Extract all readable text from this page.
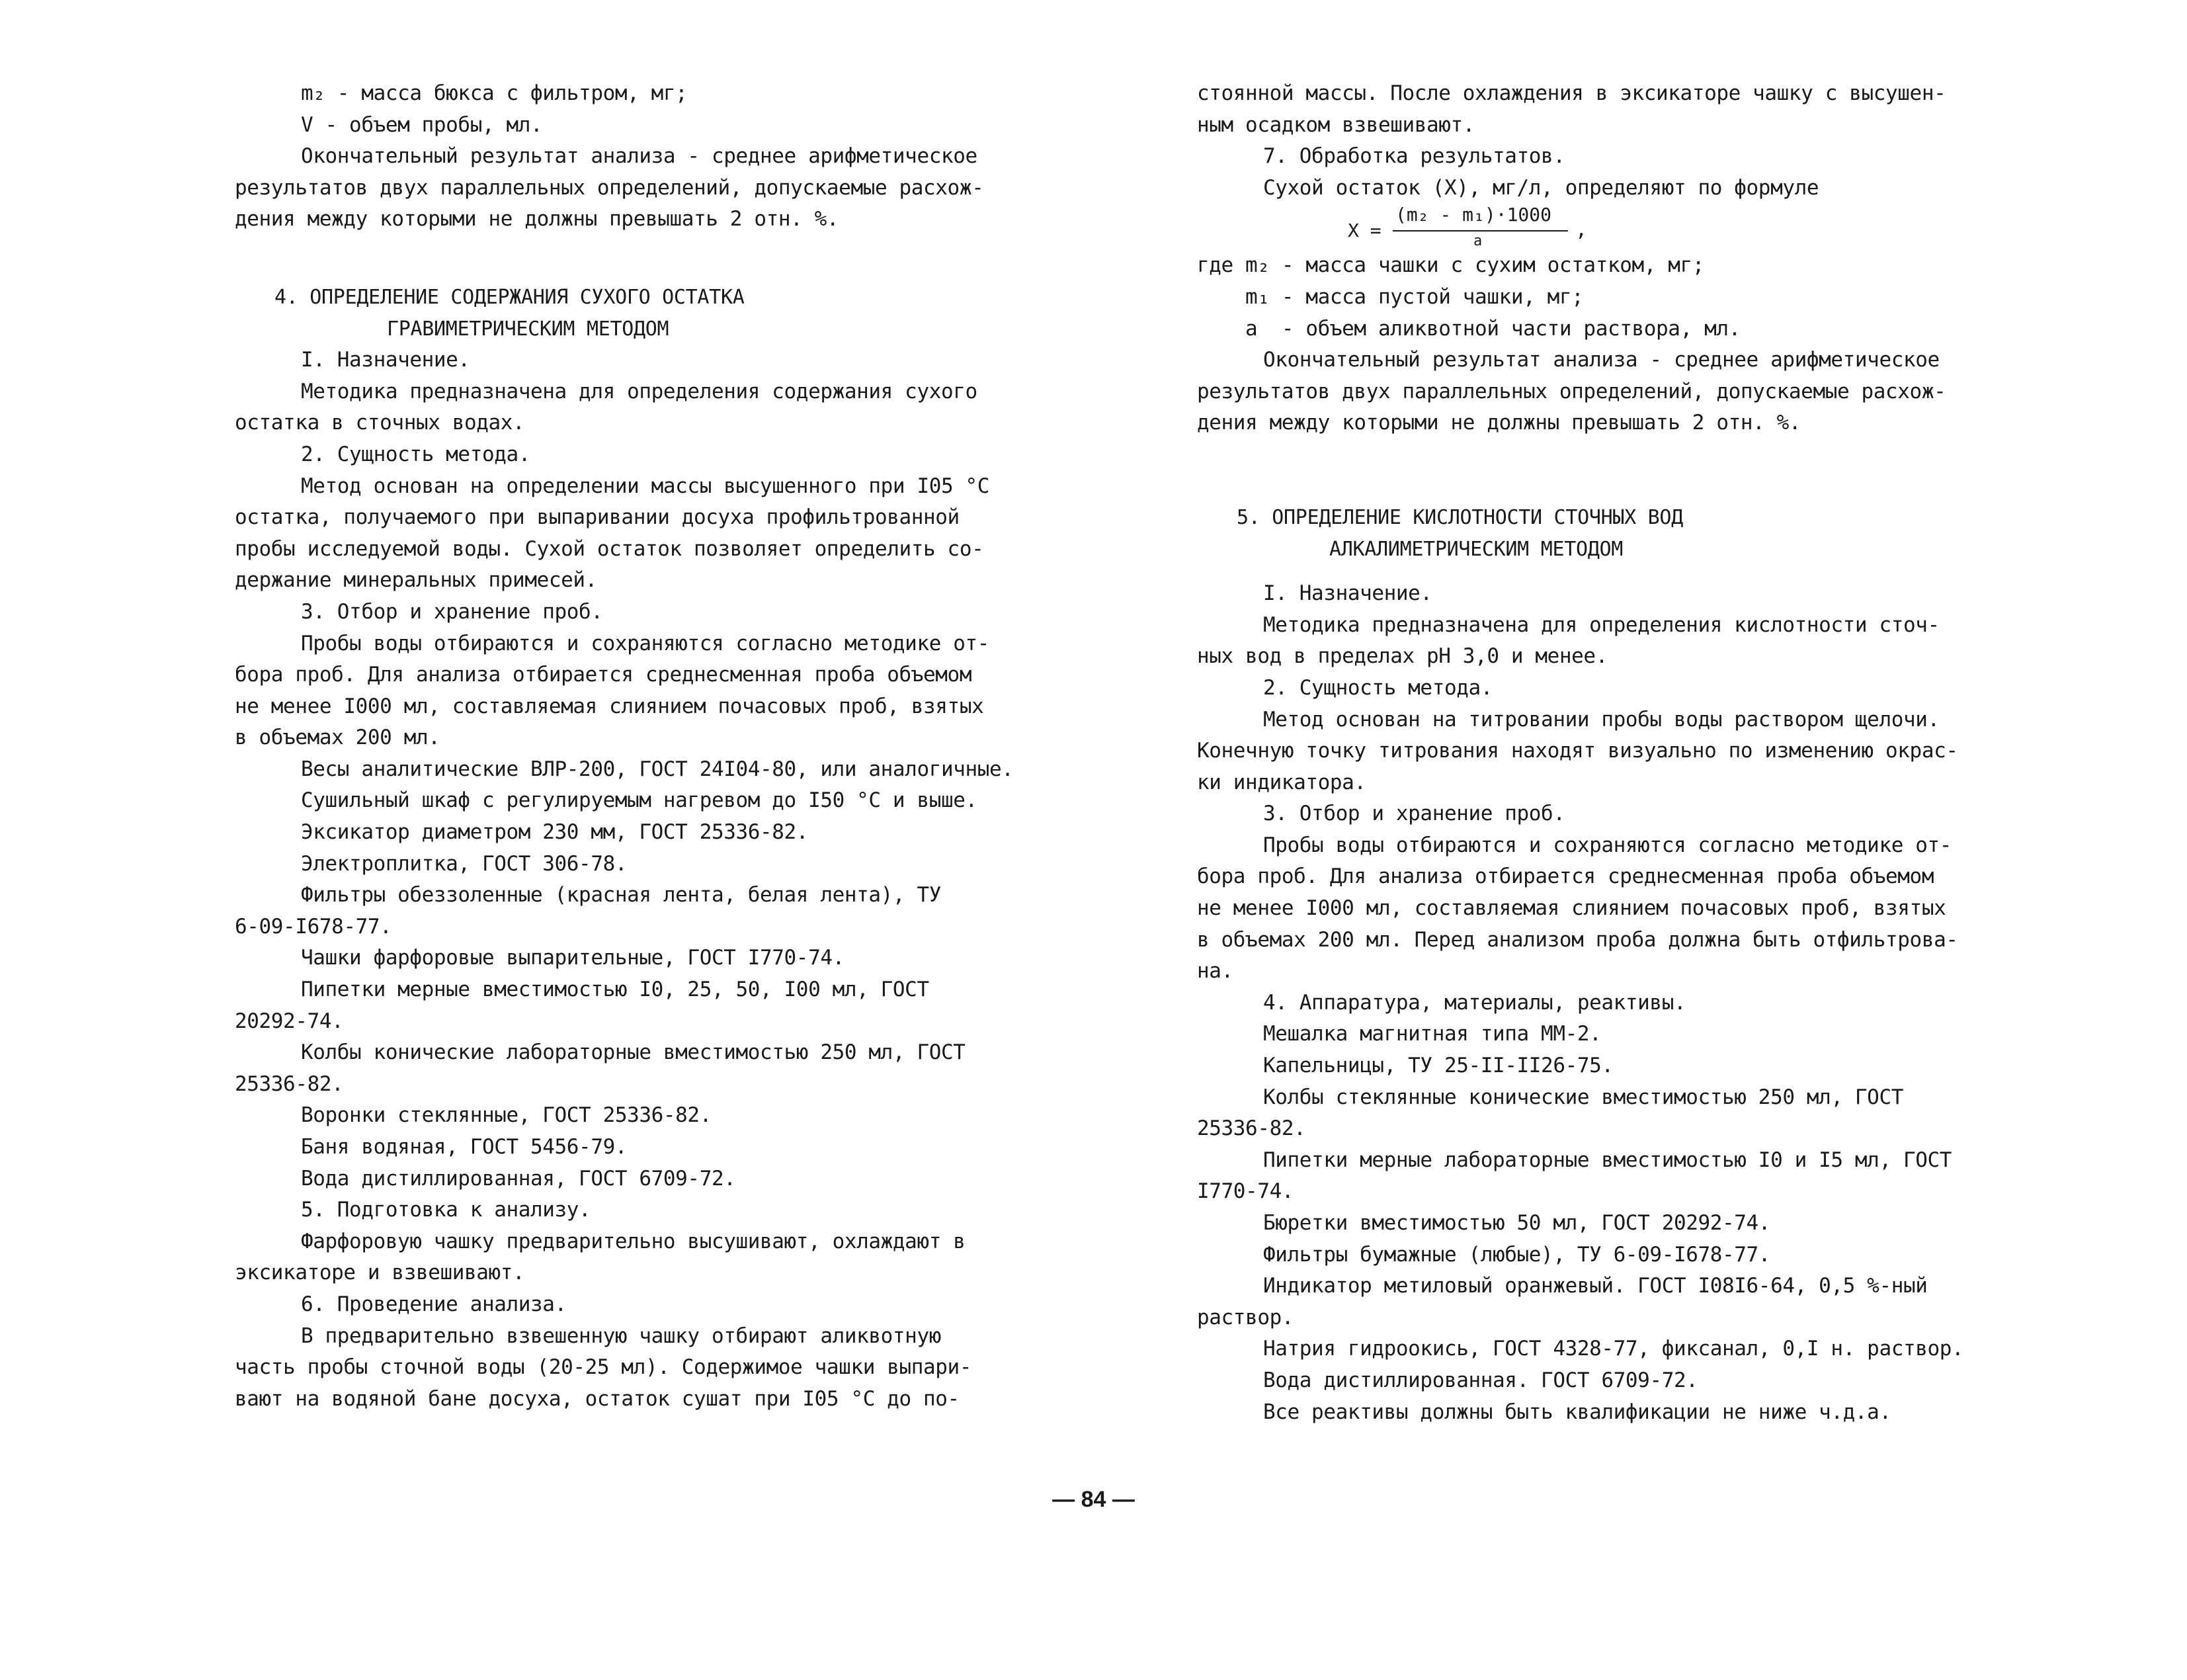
m₂ - масса бюкса с фильтром, мг;
V - объем пробы, мл.
Окончательный результат анализа - среднее арифметическое
результатов двух параллельных определений, допускаемые расхож-
дения между которыми не должны превышать 2 отн. %.
4. ОПРЕДЕЛЕНИЕ СОДЕРЖАНИЯ СУХОГО ОСТАТКА
ГРАВИМЕТРИЧЕСКИМ МЕТОДОМ
I. Назначение.
Методика предназначена для определения содержания сухого
остатка в сточных водах.
2. Сущность метода.
Метод основан на определении массы высушенного при I05 °C
остатка, получаемого при выпаривании досуха профильтрованной
пробы исследуемой воды. Сухой остаток позволяет определить со-
держание минеральных примесей.
3. Отбор и хранение проб.
Пробы воды отбираются и сохраняются согласно методике от-
бора проб. Для анализа отбирается среднесменная проба объемом
не менее I000 мл, составляемая слиянием почасовых проб, взятых
в объемах 200 мл.
Весы аналитические ВЛР-200, ГОСТ 24I04-80, или аналогичные.
Сушильный шкаф с регулируемым нагревом до I50 °C и выше.
Эксикатор диаметром 230 мм, ГОСТ 25336-82.
Электроплитка, ГОСТ 306-78.
Фильтры обеззоленные (красная лента, белая лента), ТУ
6-09-I678-77.
Чашки фарфоровые выпарительные, ГОСТ I770-74.
Пипетки мерные вместимостью I0, 25, 50, I00 мл, ГОСТ
20292-74.
Колбы конические лабораторные вместимостью 250 мл, ГОСТ
25336-82.
Воронки стеклянные, ГОСТ 25336-82.
Баня водяная, ГОСТ 5456-79.
Вода дистиллированная, ГОСТ 6709-72.
5. Подготовка к анализу.
Фарфоровую чашку предварительно высушивают, охлаждают в
эксикаторе и взвешивают.
6. Проведение анализа.
В предварительно взвешенную чашку отбирают аликвотную
часть пробы сточной воды (20-25 мл). Содержимое чашки выпари-
вают на водяной бане досуха, остаток сушат при I05 °C до по-
стоянной массы. После охлаждения в эксикаторе чашку с высушен-
ным осадком взвешивают.
7. Обработка результатов.
Сухой остаток (X), мг/л, определяют по формуле
X =
(m₂ - m₁)·1000
a	,
где m₂ - масса чашки с сухим остатком, мг;
m₁ - масса пустой чашки, мг;
a  - объем аликвотной части раствора, мл.
Окончательный результат анализа - среднее арифметическое
результатов двух параллельных определений, допускаемые расхож-
дения между которыми не должны превышать 2 отн. %.
5. ОПРЕДЕЛЕНИЕ КИСЛОТНОСТИ СТОЧНЫХ ВОД
АЛКАЛИМЕТРИЧЕСКИМ МЕТОДОМ
I. Назначение.
Методика предназначена для определения кислотности сточ-
ных вод в пределах pH 3,0 и менее.
2. Сущность метода.
Метод основан на титровании пробы воды раствором щелочи.
Конечную точку титрования находят визуально по изменению окрас-
ки индикатора.
3. Отбор и хранение проб.
Пробы воды отбираются и сохраняются согласно методике от-
бора проб. Для анализа отбирается среднесменная проба объемом
не менее I000 мл, составляемая слиянием почасовых проб, взятых
в объемах 200 мл. Перед анализом проба должна быть отфильтрова-
на.
4. Аппаратура, материалы, реактивы.
Мешалка магнитная типа ММ-2.
Капельницы, ТУ 25-II-II26-75.
Колбы стеклянные конические вместимостью 250 мл, ГОСТ
25336-82.
Пипетки мерные лабораторные вместимостью I0 и I5 мл, ГОСТ
I770-74.
Бюретки вместимостью 50 мл, ГОСТ 20292-74.
Фильтры бумажные (любые), ТУ 6-09-I678-77.
Индикатор метиловый оранжевый. ГОСТ I08I6-64, 0,5 %-ный
раствор.
Натрия гидроокись, ГОСТ 4328-77, фиксанал, 0,I н. раствор.
Вода дистиллированная. ГОСТ 6709-72.
Все реактивы должны быть квалификации не ниже ч.д.а.
— 84 —
